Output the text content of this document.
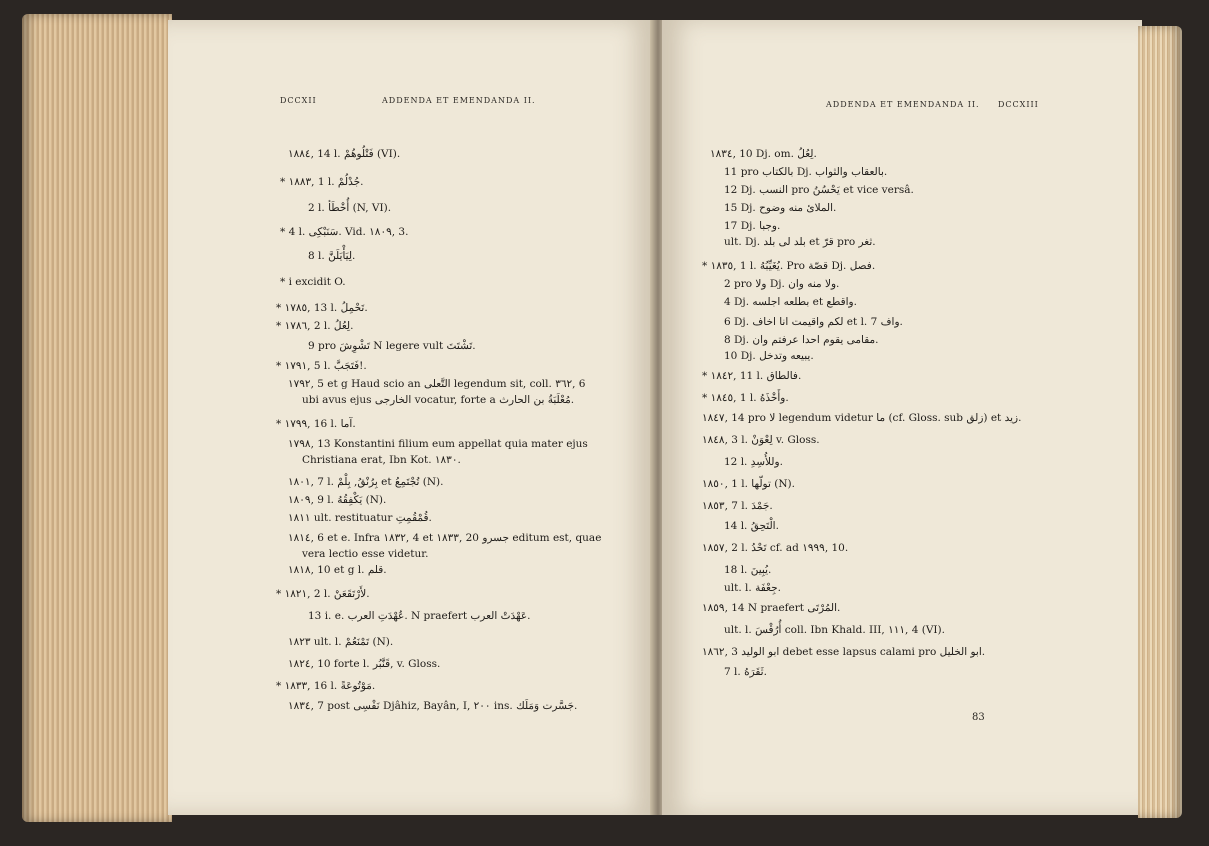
DCCXII	ADDENDA ET EMENDANDA II.
١٨٨٤, 14 l. فَتْلُوهُمْ (VI).
* ١٨٨٣, 1 l. جُدْلُمْ.
2 l. أُخْطَأ (N, VI).
* 4 l. سَنَبْكِى. Vid. ١٨٠٩, 3.
8 l. لِيَأْيَلَنَّ.
* i excidit O.
* ١٧٨٥, 13 l. تَحْمِلُ.
* ١٧٨٦, 2 l. لِعُلُ.
9 pro تَشْوِشَ N legere vult تَشْتَتَ.
* ١٧٩١, 5 l. فَتَجَبَّ!.
١٧٩٢, 5 et g Haud scio an التَّعلى legendum sit, coll. ٣٦٢, 6
ubi avus ejus الخارجى vocatur, forte a مُعْلَبَةُ بن الحارث.
* ١٧٩٩, 16 l. آما.
١٧٩٨, 13 Konstantini filium eum appellat quia mater ejus
Christiana erat, Ibn Kot. ١٨٣٠.
١٨٠١, 7 l. بِرُنْقُ, بِلْمْ et تُجْتَمِعُ (N).
١٨٠٩, 9 l. يَكْفِقُهُ (N).
١٨١١ ult. restituatur قُمْقُمِتِ.
١٨١٤, 6 et e. Infra ١٨٣٢, 4 et ١٨٣٣, 20 جسرو editum est, quae
vera lectio esse videtur.
١٨١٨, 10 et g l. قلم.
* ١٨٢١, 2 l. لأَرْتَقَعَنْ.
13 i. e. عُهْدَتِ العرب. N praefert عَهْدَتْ العرب.
١٨٢٣ ult. l. تَمْنَعُمْ (N).
١٨٢٤, 10 forte l. قَنَّبُر, v. Gloss.
* ١٨٣٣, 16 l. مَوْتُوعَةً.
١٨٣٤, 7 post نَفْسِى Djâhiz, Bayân, I, ٢٠٠ ins. جَسَّرت وَمَلَك.
ADDENDA ET EMENDANDA II. DCCXIII
83
١٨٣٤, 10 Dj. om. لِعُلُ.
11 pro بالكتاب Dj. بالعقاب والثواب.
12 Dj. النسب pro يَحْسُنُ et vice versâ.
15 Dj. الملائ منه وضوح.
17 Dj. وجبا.
ult. Dj. بلد لى بلد et قرّ pro ثغر.
* ١٨٣٥, 1 l. يُغَيِّبُهُ. Pro قصّة Dj. فصل.
2 pro ولا Dj. ولا منه وان.
4 Dj. بطلعه اجلسه et واقطع.
6 Dj. لكم واقيمت انا اخاف et l. 7 واف.
8 Dj. مقامى يقوم احدا عرفتم وان.
10 Dj. يبيعه وتدخل.
* ١٨٤٢, 11 l. فالطاق.
* ١٨٤٥, 1 l. وأَخْذَهُ.
١٨٤٧, 14 pro لا legendum videtur ما (cf. Gloss. sub زلق) et زيد.
١٨٤٨, 3 l. لِعْوَنْ v. Gloss.
12 l. وللأُسِدِ.
١٨٥٠, 1 l. تولّها (N).
١٨٥٣, 7 l. جَمْدَ.
14 l. الْتَحِقُ.
١٨٥٧, 2 l. تَحْدُ cf. ad ١٩٩٩, 10.
18 l. يُبِينَ.
ult. l. جِعْفَة.
١٨٥٩, 14 N praefert المُرْتَى.
ult. l. أُرُقْسَ coll. Ibn Khald. III, ١١١, 4 (VI).
١٨٦٢, 3 ابو الوليد debet esse lapsus calami pro ابو الخليل.
7 l. ثَقَرَهُ.
